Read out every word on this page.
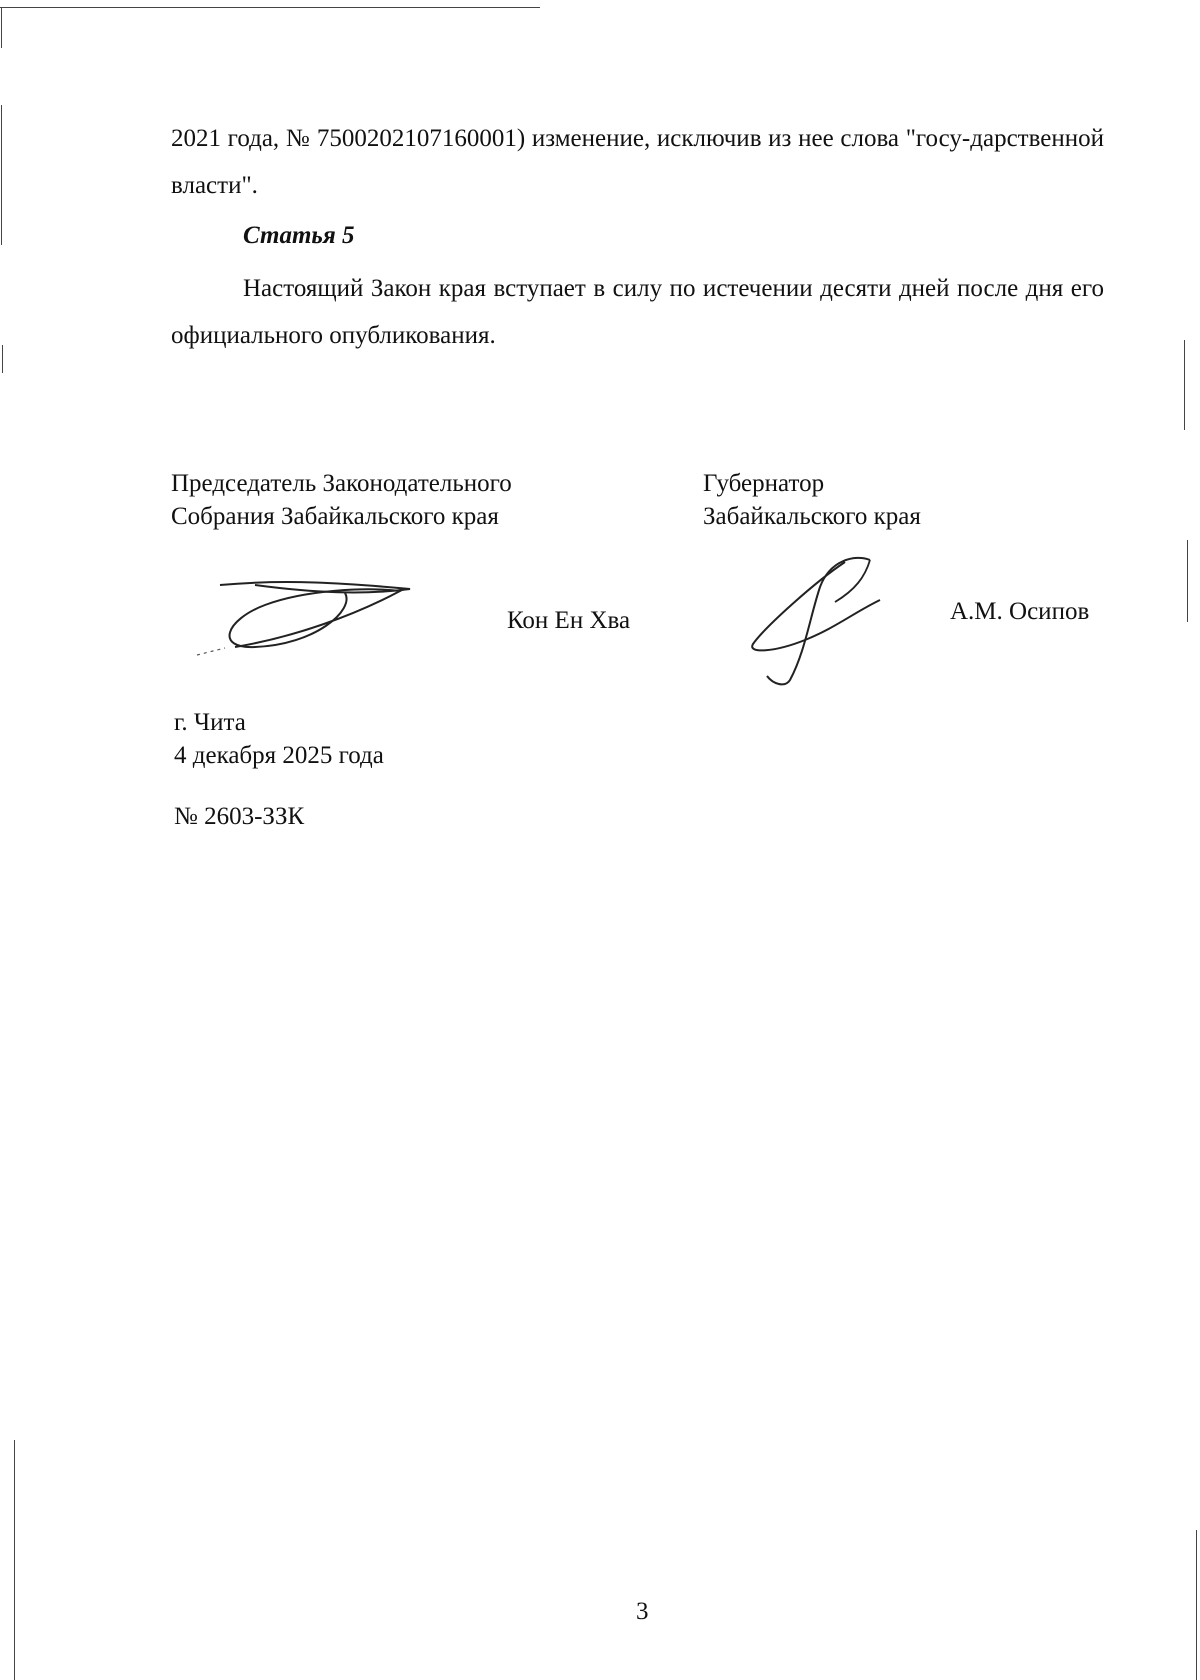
2021 года, № 7500202107160001) изменение, исключив из нее слова "госу-дарственной власти".

Статья 5

Настоящий Закон края вступает в силу по истечении десяти дней после дня его официального опубликования.

Председатель Законодательного
Собрания Забайкальского края
Кон Ен Хва
Губернатор
Забайкальского края
А.М. Осипов
г. Чита
4 декабря 2025 года
№ 2603-ЗЗК
3
